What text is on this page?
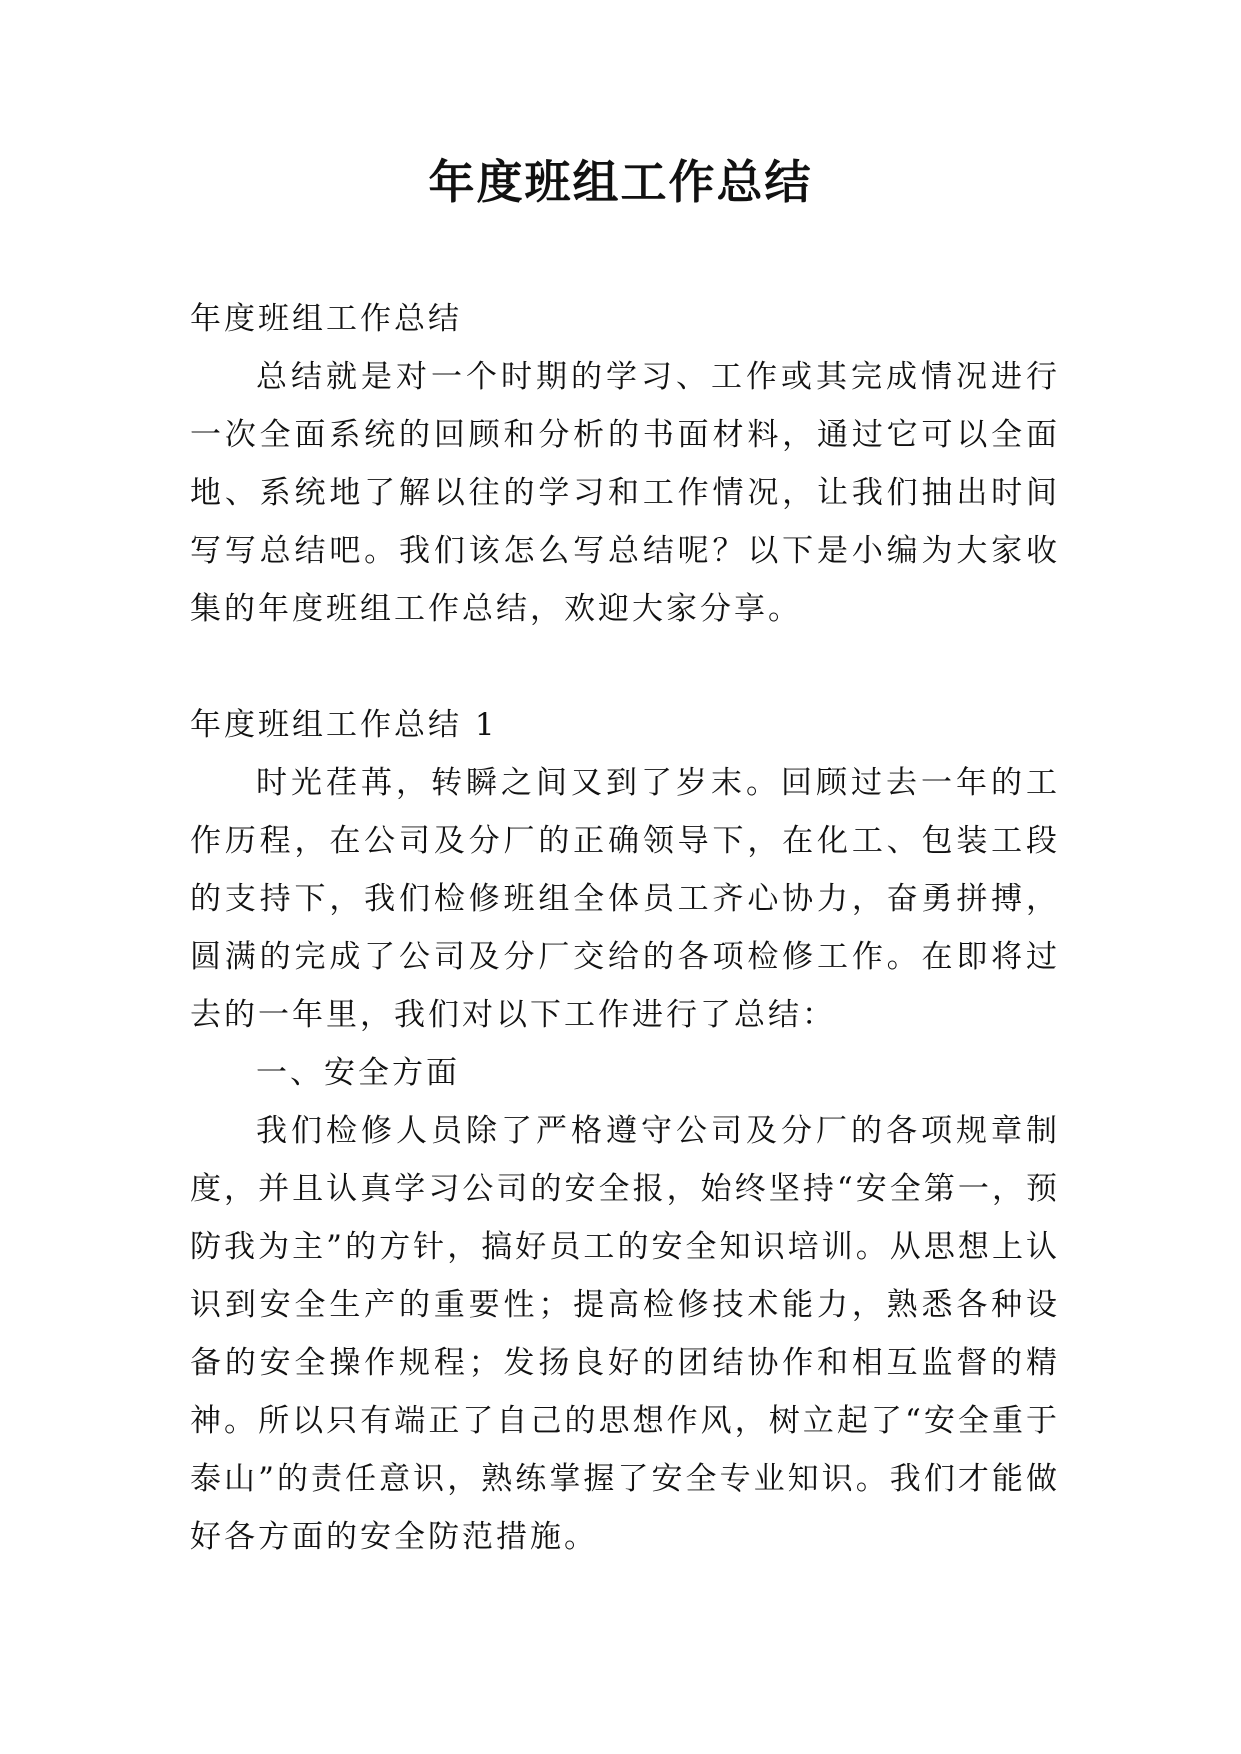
年度班组工作总结

年度班组工作总结

总结就是对一个时期的学习、工作或其完成情况进行一次全面系统的回顾和分析的书面材料，通过它可以全面地、系统地了解以往的学习和工作情况，让我们抽出时间写写总结吧。我们该怎么写总结呢？以下是小编为大家收集的年度班组工作总结，欢迎大家分享。

年度班组工作总结 1

时光荏苒，转瞬之间又到了岁末。回顾过去一年的工作历程，在公司及分厂的正确领导下，在化工、包装工段的支持下，我们检修班组全体员工齐心协力，奋勇拼搏，圆满的完成了公司及分厂交给的各项检修工作。在即将过去的一年里，我们对以下工作进行了总结：

一、安全方面

我们检修人员除了严格遵守公司及分厂的各项规章制度，并且认真学习公司的安全报，始终坚持“安全第一，预防我为主”的方针，搞好员工的安全知识培训。从思想上认识到安全生产的重要性；提高检修技术能力，熟悉各种设备的安全操作规程；发扬良好的团结协作和相互监督的精神。所以只有端正了自己的思想作风，树立起了“安全重于泰山”的责任意识，熟练掌握了安全专业知识。我们才能做好各方面的安全防范措施。
